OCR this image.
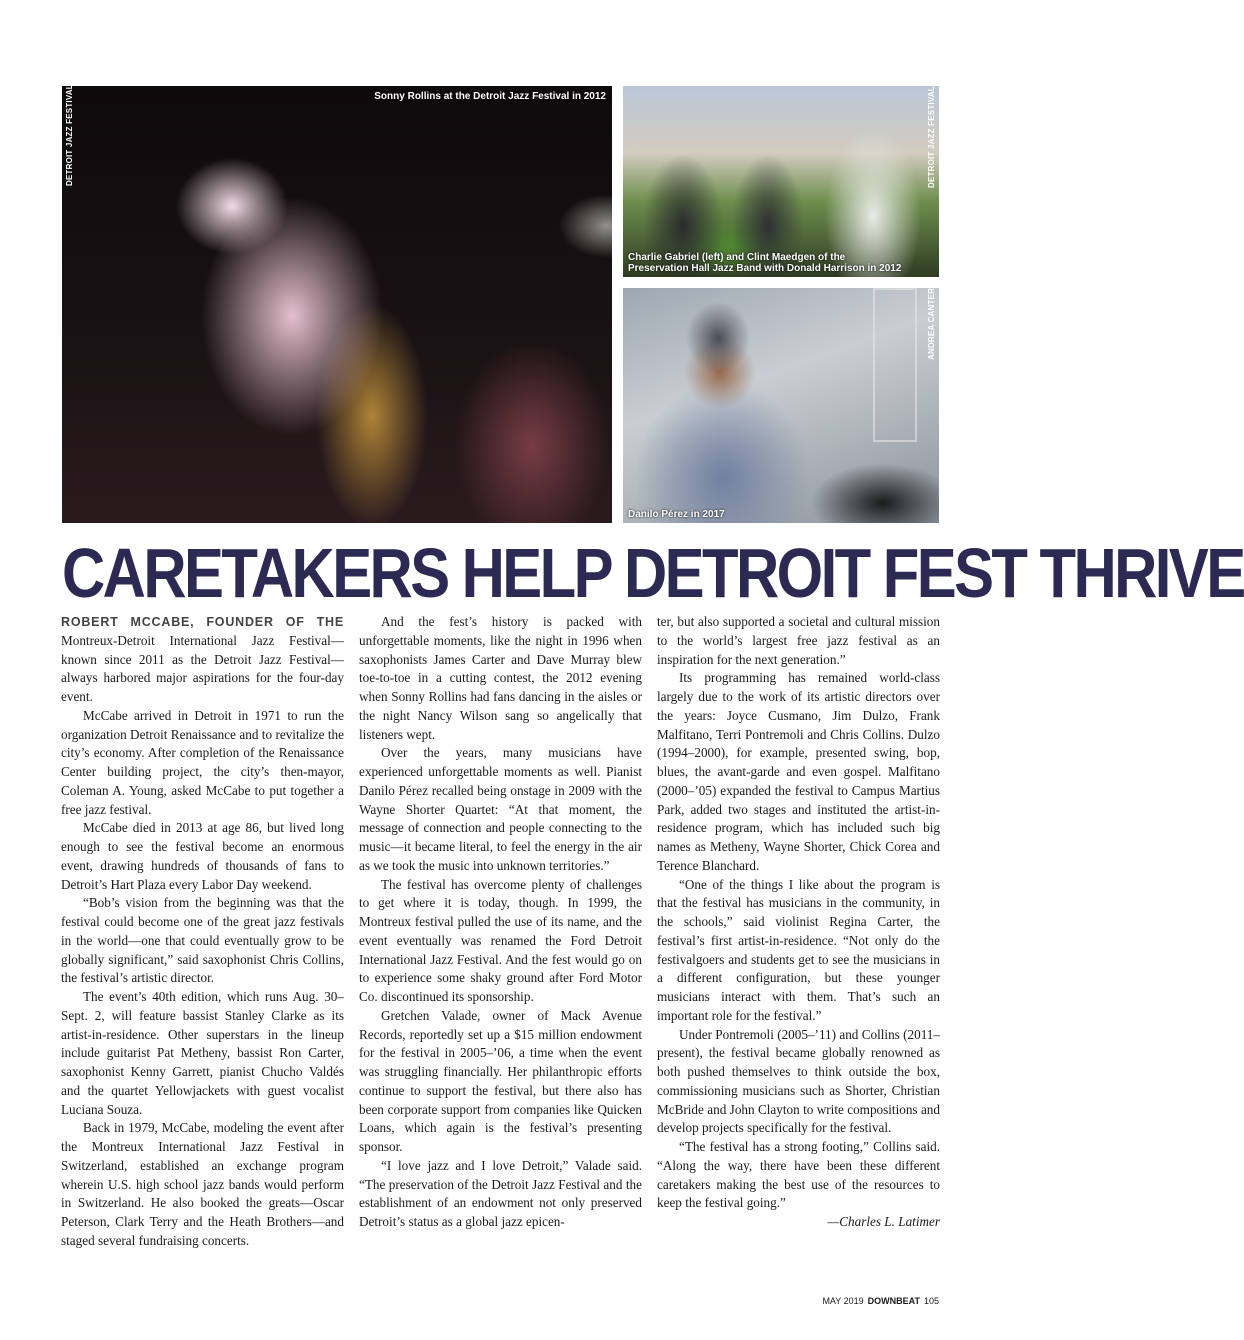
Sonny Rollins at the Detroit Jazz Festival in 2012
DETROIT JAZZ FESTIVAL
Charlie Gabriel (left) and Clint Maedgen of the
Preservation Hall Jazz Band with Donald Harrison in 2012
DETROIT JAZZ FESTIVAL
Danilo Pérez in 2017
ANDREA CANTER
CARETAKERS HELP DETROIT FEST THRIVE

ROBERT MCCABE, FOUNDER OF THE Montreux-Detroit International Jazz Festival—known since 2011 as the Detroit Jazz Festival—always harbored major aspirations for the four-day event.

McCabe arrived in Detroit in 1971 to run the organization Detroit Renaissance and to revitalize the city’s economy. After completion of the Renaissance Center building project, the city’s then-mayor, Coleman A. Young, asked McCabe to put together a free jazz festival.

McCabe died in 2013 at age 86, but lived long enough to see the festival become an enormous event, drawing hundreds of thousands of fans to Detroit’s Hart Plaza every Labor Day weekend.

“Bob’s vision from the beginning was that the festival could become one of the great jazz festivals in the world—one that could eventually grow to be globally significant,” said saxophonist Chris Collins, the festival’s artistic director.

The event’s 40th edition, which runs Aug. 30–Sept. 2, will feature bassist Stanley Clarke as its artist-in-residence. Other superstars in the lineup include guitarist Pat Metheny, bassist Ron Carter, saxophonist Kenny Garrett, pianist Chucho Valdés and the quartet Yellowjackets with guest vocalist Luciana Souza.

Back in 1979, McCabe, modeling the event after the Montreux International Jazz Festival in Switzerland, established an exchange program wherein U.S. high school jazz bands would perform in Switzerland. He also booked the greats—Oscar Peterson, Clark Terry and the Heath Brothers—and staged several fundraising concerts.

And the fest’s history is packed with unforgettable moments, like the night in 1996 when saxophonists James Carter and Dave Murray blew toe-to-toe in a cutting contest, the 2012 evening when Sonny Rollins had fans dancing in the aisles or the night Nancy Wilson sang so angelically that listeners wept.

Over the years, many musicians have experienced unforgettable moments as well. Pianist Danilo Pérez recalled being onstage in 2009 with the Wayne Shorter Quartet: “At that moment, the message of connection and people connecting to the music—it became literal, to feel the energy in the air as we took the music into unknown territories.”

The festival has overcome plenty of challenges to get where it is today, though. In 1999, the Montreux festival pulled the use of its name, and the event eventually was renamed the Ford Detroit International Jazz Festival. And the fest would go on to experience some shaky ground after Ford Motor Co. discontinued its sponsorship.

Gretchen Valade, owner of Mack Avenue Records, reportedly set up a $15 million endowment for the festival in 2005–’06, a time when the event was struggling financially. Her philanthropic efforts continue to support the festival, but there also has been corporate support from companies like Quicken Loans, which again is the festival’s presenting sponsor.

“I love jazz and I love Detroit,” Valade said. “The preservation of the Detroit Jazz Festival and the establishment of an endowment not only preserved Detroit’s status as a global jazz epicen-

ter, but also supported a societal and cultural mission to the world’s largest free jazz festival as an inspiration for the next generation.”

Its programming has remained world-class largely due to the work of its artistic directors over the years: Joyce Cusmano, Jim Dulzo, Frank Malfitano, Terri Pontremoli and Chris Collins. Dulzo (1994–2000), for example, presented swing, bop, blues, the avant-garde and even gospel. Malfitano (2000–’05) expanded the festival to Campus Martius Park, added two stages and instituted the artist-in-residence program, which has included such big names as Metheny, Wayne Shorter, Chick Corea and Terence Blanchard.

“One of the things I like about the program is that the festival has musicians in the community, in the schools,” said violinist Regina Carter, the festival’s first artist-in-residence. “Not only do the festivalgoers and students get to see the musicians in a different configuration, but these younger musicians interact with them. That’s such an important role for the festival.”

Under Pontremoli (2005–’11) and Collins (2011–present), the festival became globally renowned as both pushed themselves to think outside the box, commissioning musicians such as Shorter, Christian McBride and John Clayton to write compositions and develop projects specifically for the festival.

“The festival has a strong footing,” Collins said. “Along the way, there have been these different caretakers making the best use of the resources to keep the festival going.”

—Charles L. Latimer

MAY 2019 DOWNBEAT 105
